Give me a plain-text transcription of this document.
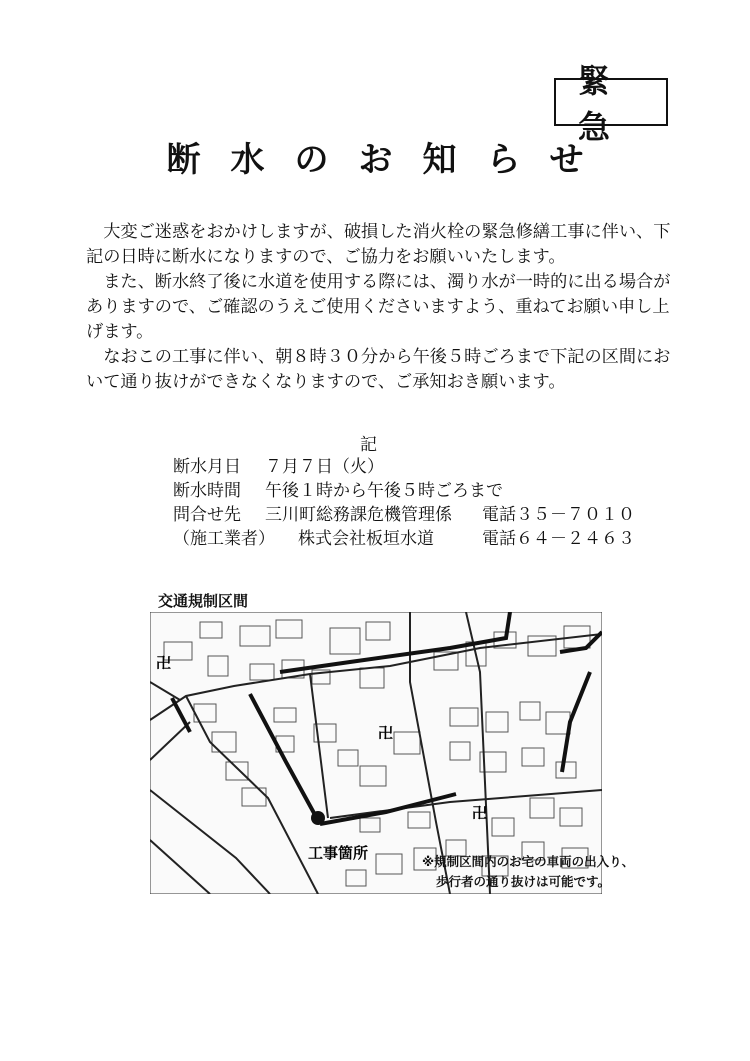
緊急
断水のお知らせ

大変ご迷惑をおかけしますが、破損した消火栓の緊急修繕工事に伴い、下記の日時に断水になりますので、ご協力をお願いいたします。

また、断水終了後に水道を使用する際には、濁り水が一時的に出る場合がありますので、ご確認のうえご使用くださいますよう、重ねてお願い申し上げます。

なおこの工事に伴い、朝８時３０分から午後５時ごろまで下記の区間において通り抜けができなくなりますので、ご承知おき願います。

記
断水月日	７月７日（火）
断水時間	午後１時から午後５時ごろまで
問合せ先	三川町総務課危機管理係	電話３５－７０１０
（施工業者）	株式会社板垣水道	電話６４－２４６３
交通規制区間
卍
卍
卍
工事箇所	※規制区間内のお宅の車両の出入り、
歩行者の通り抜けは可能です。
